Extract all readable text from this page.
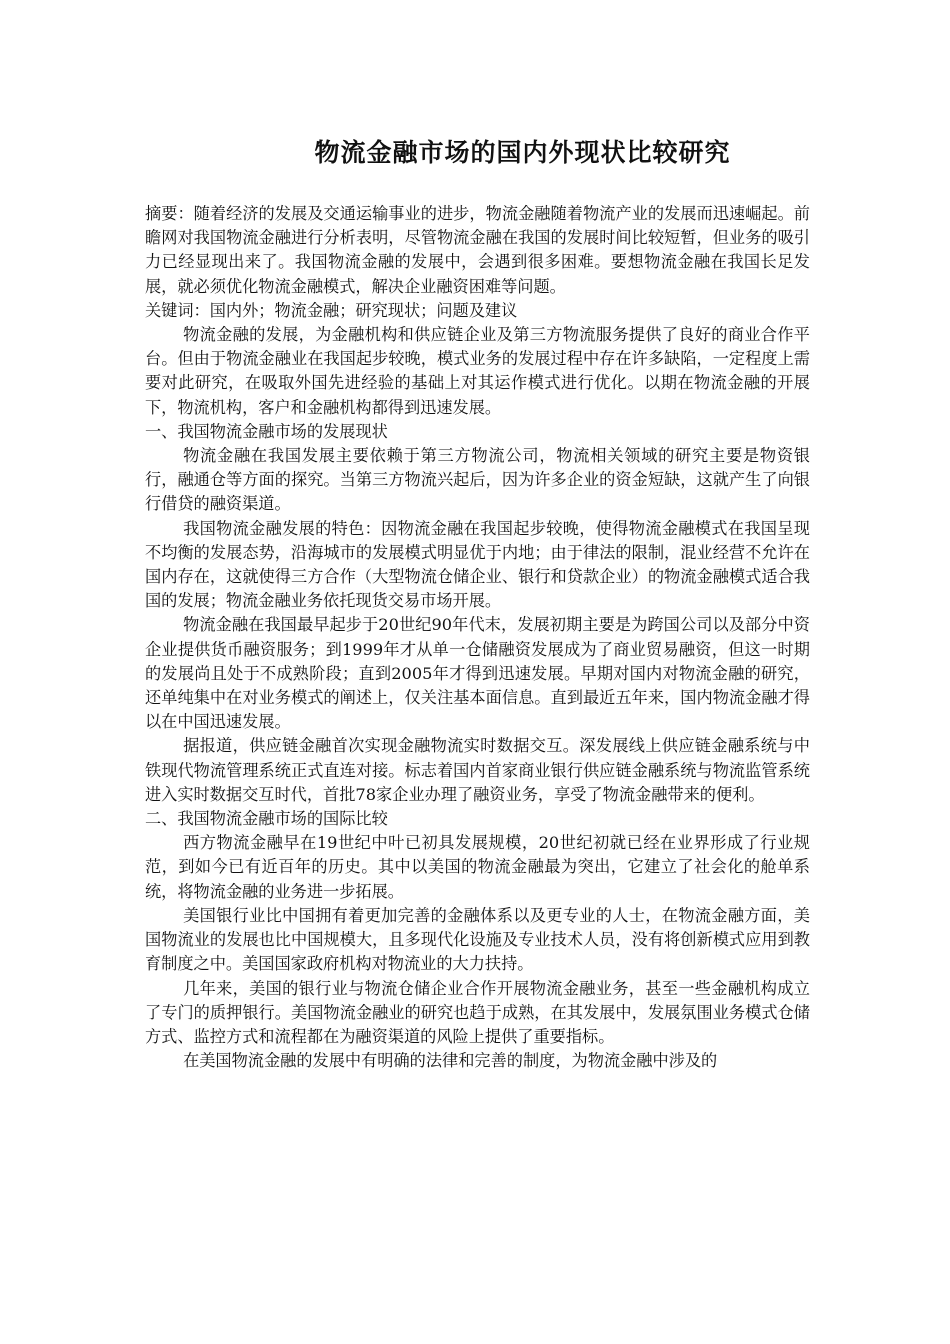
物流金融市场的国内外现状比较研究

摘要：随着经济的发展及交通运输事业的进步，物流金融随着物流产业的发展而迅速崛起。前瞻网对我国物流金融进行分析表明，尽管物流金融在我国的发展时间比较短暂，但业务的吸引力已经显现出来了。我国物流金融的发展中，会遇到很多困难。要想物流金融在我国长足发展，就必须优化物流金融模式，解决企业融资困难等问题。

关键词：国内外；物流金融；研究现状；问题及建议

物流金融的发展，为金融机构和供应链企业及第三方物流服务提供了良好的商业合作平台。但由于物流金融业在我国起步较晚，模式业务的发展过程中存在许多缺陷，一定程度上需要对此研究，在吸取外国先进经验的基础上对其运作模式进行优化。以期在物流金融的开展下，物流机构，客户和金融机构都得到迅速发展。

一、我国物流金融市场的发展现状

物流金融在我国发展主要依赖于第三方物流公司，物流相关领域的研究主要是物资银行，融通仓等方面的探究。当第三方物流兴起后，因为许多企业的资金短缺，这就产生了向银行借贷的融资渠道。

我国物流金融发展的特色：因物流金融在我国起步较晚，使得物流金融模式在我国呈现不均衡的发展态势，沿海城市的发展模式明显优于内地；由于律法的限制，混业经营不允许在国内存在，这就使得三方合作（大型物流仓储企业、银行和贷款企业）的物流金融模式适合我国的发展；物流金融业务依托现货交易市场开展。

物流金融在我国最早起步于20世纪90年代末，发展初期主要是为跨国公司以及部分中资企业提供货币融资服务；到1999年才从单一仓储融资发展成为了商业贸易融资，但这一时期的发展尚且处于不成熟阶段；直到2005年才得到迅速发展。早期对国内对物流金融的研究，还单纯集中在对业务模式的阐述上，仅关注基本面信息。直到最近五年来，国内物流金融才得以在中国迅速发展。

据报道，供应链金融首次实现金融物流实时数据交互。深发展线上供应链金融系统与中铁现代物流管理系统正式直连对接。标志着国内首家商业银行供应链金融系统与物流监管系统进入实时数据交互时代，首批78家企业办理了融资业务，享受了物流金融带来的便利。

二、我国物流金融市场的国际比较

西方物流金融早在19世纪中叶已初具发展规模，20世纪初就已经在业界形成了行业规范，到如今已有近百年的历史。其中以美国的物流金融最为突出，它建立了社会化的舱单系统，将物流金融的业务进一步拓展。

美国银行业比中国拥有着更加完善的金融体系以及更专业的人士，在物流金融方面，美国物流业的发展也比中国规模大，且多现代化设施及专业技术人员，没有将创新模式应用到教育制度之中。美国国家政府机构对物流业的大力扶持。

几年来，美国的银行业与物流仓储企业合作开展物流金融业务，甚至一些金融机构成立了专门的质押银行。美国物流金融业的研究也趋于成熟，在其发展中，发展氛围业务模式仓储方式、监控方式和流程都在为融资渠道的风险上提供了重要指标。

在美国物流金融的发展中有明确的法律和完善的制度，为物流金融中涉及的
